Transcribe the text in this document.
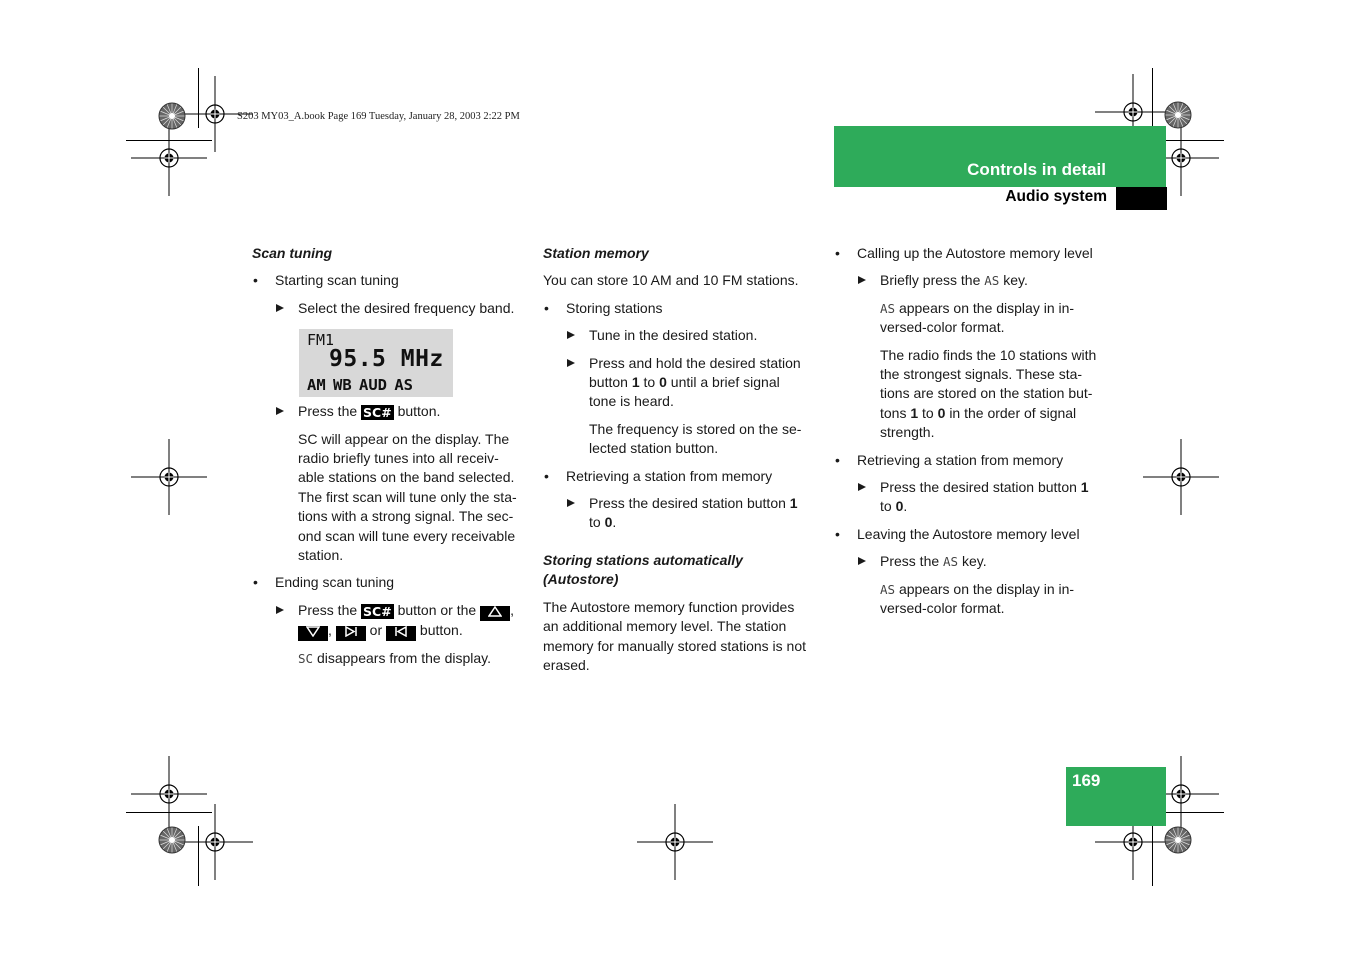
S203 MY03_A.book Page 169 Tuesday, January 28, 2003 2:22 PM
Controls in detail
Audio system

Scan tuning

• Starting scan tuning

Select the desired frequency band.

Press the SC# button.

SC will appear on the display. The
radio briefly tunes into all receiv-
able stations on the band selected.
The first scan will tune only the sta-
tions with a strong signal. The sec-
ond scan will tune every receivable
station.

• Ending scan tuning

Press the SC# button or the ,
,	or	button.

SC disappears from the display.

FM1
95.5 MHz
AM WB AUD AS

Station memory

You can store 10 AM and 10 FM stations.

• Storing stations

Tune in the desired station.

Press and hold the desired station
button 1 to 0 until a brief signal
tone is heard.

The frequency is stored on the se-
lected station button.

• Retrieving a station from memory

Press the desired station button 1
to 0.

Storing stations automatically
(Autostore)

The Autostore memory function provides
an additional memory level. The station
memory for manually stored stations is not
erased.

• Calling up the Autostore memory level

Briefly press the AS key.

AS appears on the display in in-
versed-color format.

The radio finds the 10 stations with
the strongest signals. These sta-
tions are stored on the station but-
tons 1 to 0 in the order of signal
strength.

• Retrieving a station from memory

Press the desired station button 1
to 0.

• Leaving the Autostore memory level

Press the AS key.

AS appears on the display in in-
versed-color format.

169
